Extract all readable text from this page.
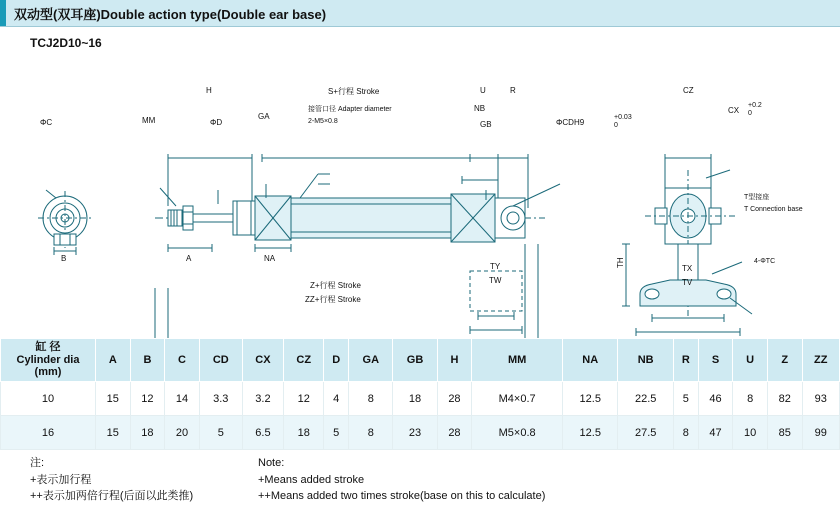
双动型(双耳座)Double action type(Double ear base)
TCJ2D10~16
ΦC
B
MM	ΦD
A
H
GA
NA
S+行程 Stroke
接管口径 Adapter diameter
2-M5×0.8
U	R
NB
GB	ΦCDH9
+0.03
0
TY
TW
Z+行程 Stroke
ZZ+行程 Stroke
CZ
CX
+0.2
0
TH
TX
TV
T型接座
T Connection base
4-ΦTC
缸 径
Cylinder dia
(mm)	A	B	C	CD	CX	CZ	D	GA	GB	H	MM	NA	NB	R	S	U	Z	ZZ
10	15	12	14	3.3	3.2	12	4	8	18	28	M4×0.7	12.5	22.5	5	46	8	82	93
16	15	18	20	5	6.5	18	5	8	23	28	M5×0.8	12.5	27.5	8	47	10	85	99
注:
+表示加行程
++表示加两倍行程(后面以此类推)
Note:
+Means added stroke
++Means added two times stroke(base on this to calculate)
